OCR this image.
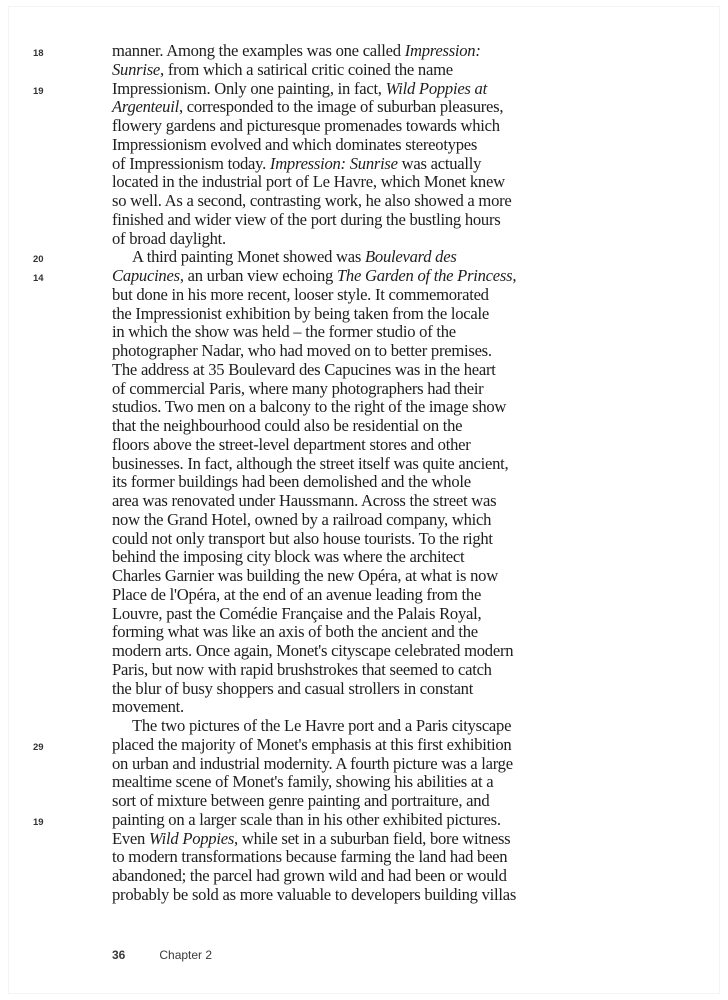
18	manner. Among the examples was one called Impression:
Sunrise, from which a satirical critic coined the name
19	Impressionism. Only one painting, in fact, Wild Poppies at
Argenteuil, corresponded to the image of suburban pleasures,
flowery gardens and picturesque promenades towards which
Impressionism evolved and which dominates stereotypes
of Impressionism today. Impression: Sunrise was actually
located in the industrial port of Le Havre, which Monet knew
so well. As a second, contrasting work, he also showed a more
finished and wider view of the port during the bustling hours
of broad daylight.
20	A third painting Monet showed was Boulevard des
14	Capucines, an urban view echoing The Garden of the Princess,
but done in his more recent, looser style. It commemorated
the Impressionist exhibition by being taken from the locale
in which the show was held – the former studio of the
photographer Nadar, who had moved on to better premises.
The address at 35 Boulevard des Capucines was in the heart
of commercial Paris, where many photographers had their
studios. Two men on a balcony to the right of the image show
that the neighbourhood could also be residential on the
floors above the street-level department stores and other
businesses. In fact, although the street itself was quite ancient,
its former buildings had been demolished and the whole
area was renovated under Haussmann. Across the street was
now the Grand Hotel, owned by a railroad company, which
could not only transport but also house tourists. To the right
behind the imposing city block was where the architect
Charles Garnier was building the new Opéra, at what is now
Place de l'Opéra, at the end of an avenue leading from the
Louvre, past the Comédie Française and the Palais Royal,
forming what was like an axis of both the ancient and the
modern arts. Once again, Monet's cityscape celebrated modern
Paris, but now with rapid brushstrokes that seemed to catch
the blur of busy shoppers and casual strollers in constant
movement.
The two pictures of the Le Havre port and a Paris cityscape
29	placed the majority of Monet's emphasis at this first exhibition
on urban and industrial modernity. A fourth picture was a large
mealtime scene of Monet's family, showing his abilities at a
sort of mixture between genre painting and portraiture, and
19	painting on a larger scale than in his other exhibited pictures.
Even Wild Poppies, while set in a suburban field, bore witness
to modern transformations because farming the land had been
abandoned; the parcel had grown wild and had been or would
probably be sold as more valuable to developers building villas
36	Chapter 2
